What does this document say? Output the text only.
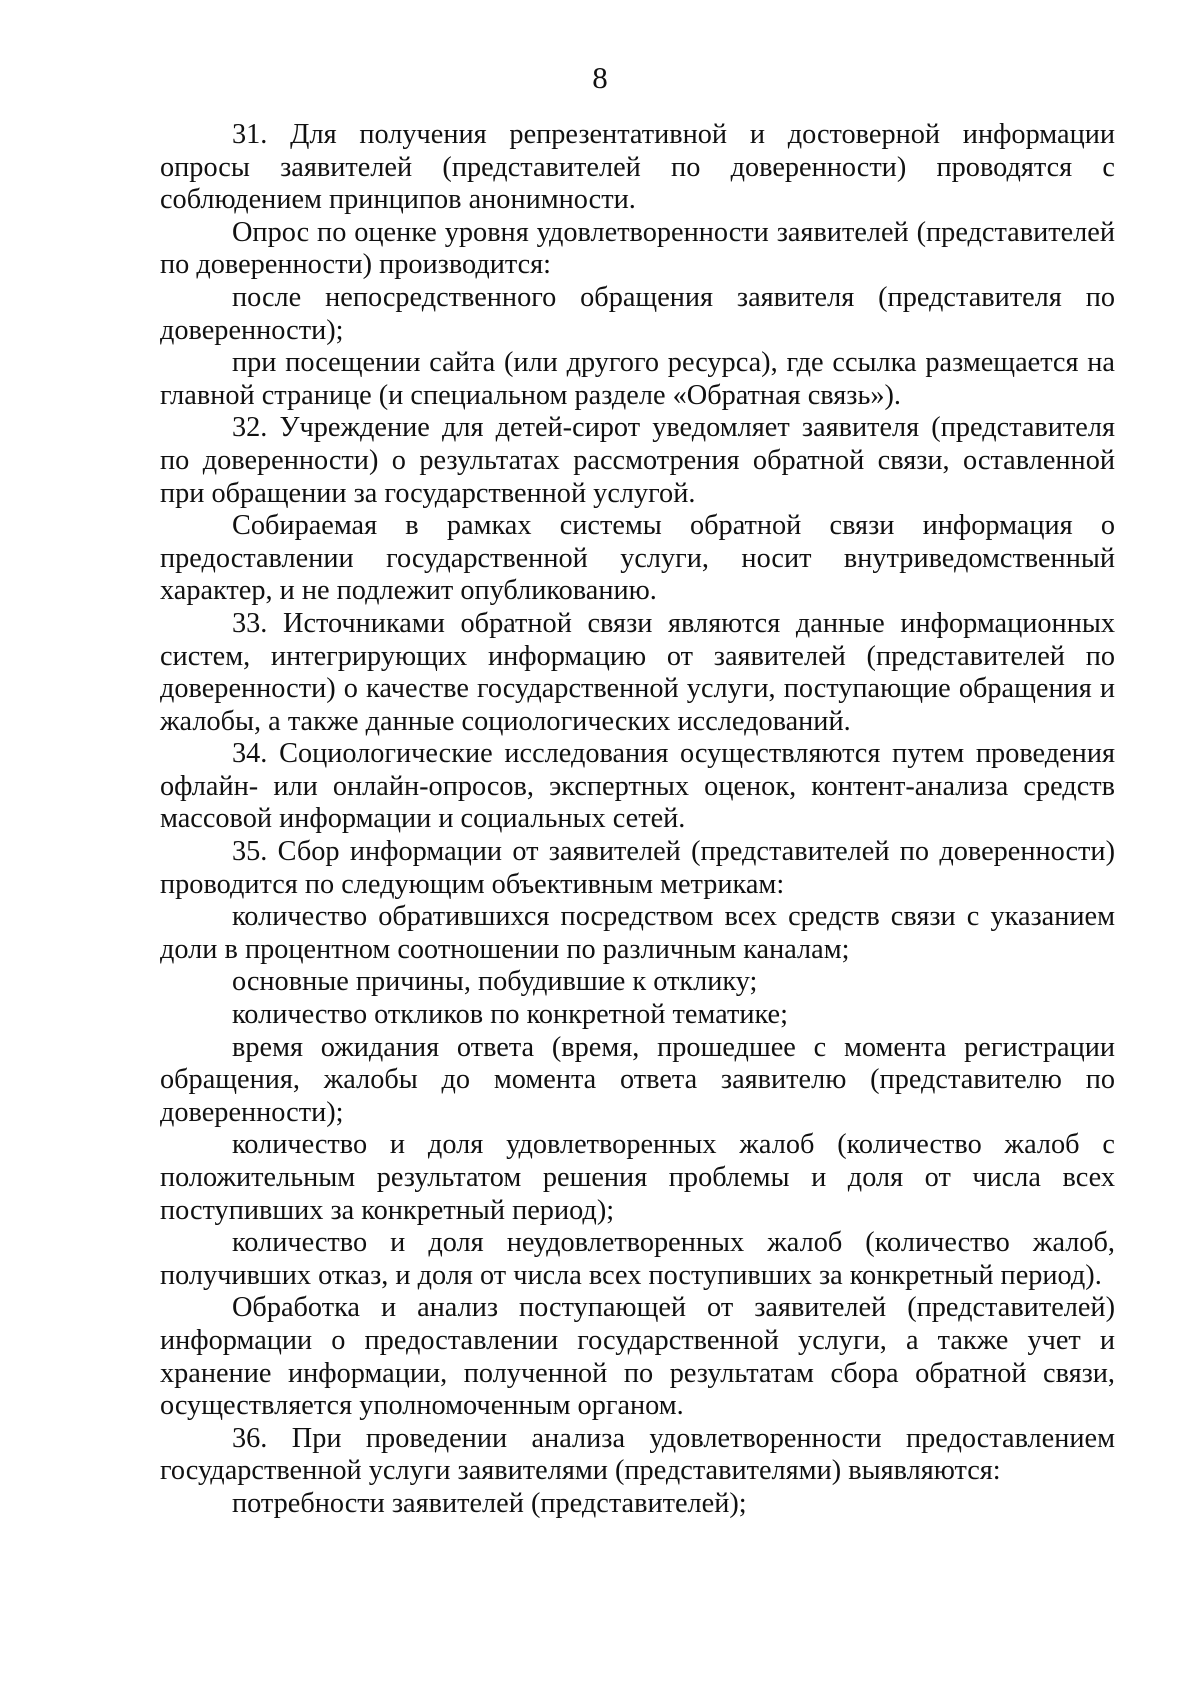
8

31. Для получения репрезентативной и достоверной информации опросы заявителей (представителей по доверенности) проводятся с соблюдением принципов анонимности.

Опрос по оценке уровня удовлетворенности заявителей (представителей по доверенности) производится:

после непосредственного обращения заявителя (представителя по доверенности);

при посещении сайта (или другого ресурса), где ссылка размещается на главной странице (и специальном разделе «Обратная связь»).

32. Учреждение для детей-сирот уведомляет заявителя (представителя по доверенности) о результатах рассмотрения обратной связи, оставленной при обращении за государственной услугой.

Собираемая в рамках системы обратной связи информация о предоставлении государственной услуги, носит внутриведомственный характер, и не подлежит опубликованию.

33. Источниками обратной связи являются данные информационных систем, интегрирующих информацию от заявителей (представителей по доверенности) о качестве государственной услуги, поступающие обращения и жалобы, а также данные социологических исследований.

34. Социологические исследования осуществляются путем проведения офлайн- или онлайн-опросов, экспертных оценок, контент-анализа средств массовой информации и социальных сетей.

35. Сбор информации от заявителей (представителей по доверенности) проводится по следующим объективным метрикам:

количество обратившихся посредством всех средств связи с указанием доли в процентном соотношении по различным каналам;

основные причины, побудившие к отклику;

количество откликов по конкретной тематике;

время ожидания ответа (время, прошедшее с момента регистрации обращения, жалобы до момента ответа заявителю (представителю по доверенности);

количество и доля удовлетворенных жалоб (количество жалоб с положительным результатом решения проблемы и доля от числа всех поступивших за конкретный период);

количество и доля неудовлетворенных жалоб (количество жалоб, получивших отказ, и доля от числа всех поступивших за конкретный период).

Обработка и анализ поступающей от заявителей (представителей) информации о предоставлении государственной услуги, а также учет и хранение информации, полученной по результатам сбора обратной связи, осуществляется уполномоченным органом.

36. При проведении анализа удовлетворенности предоставлением государственной услуги заявителями (представителями) выявляются:

потребности заявителей (представителей);
